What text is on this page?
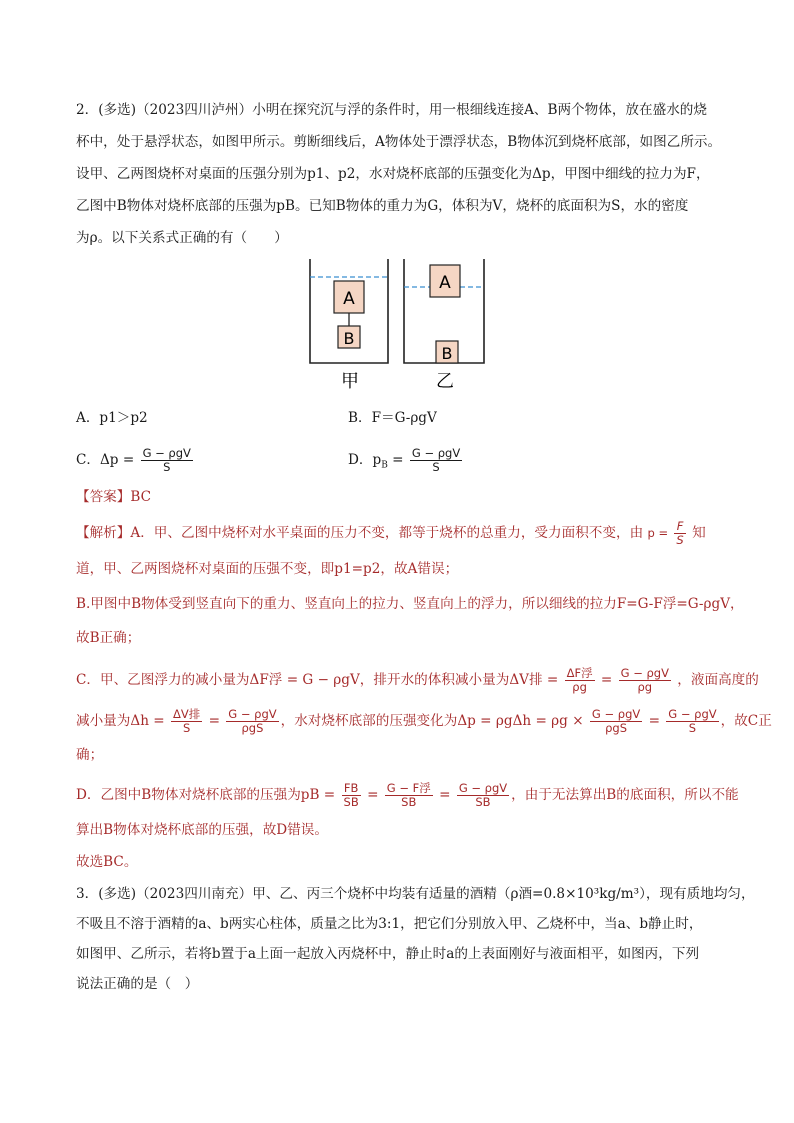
2．(多选)（2023四川泸州）小明在探究沉与浮的条件时，用一根细线连接A、B两个物体，放在盛水的烧
杯中，处于悬浮状态，如图甲所示。剪断细线后，A物体处于漂浮状态，B物体沉到烧杯底部，如图乙所示。
设甲、乙两图烧杯对桌面的压强分别为p1、p2，水对烧杯底部的压强变化为Δp，甲图中细线的拉力为F，
乙图中B物体对烧杯底部的压强为pB。已知B物体的重力为G，体积为V，烧杯的底面积为S，水的密度
为ρ。以下关系式正确的有（　　）
A
B
甲
A
B
乙
A．p1＞p2	B．F＝G-ρgV
C．$\Delta p = \frac{\text{G − ρgV}}{S}$	D．$p_B = \frac{\text{G − ρgV}}{S}$
【答案】BC
【解析】A．甲、乙图中烧杯对水平桌面的压力不变，都等于烧杯的总重力，受力面积不变，由 $p = \frac{F}{S}$ 知
道，甲、乙两图烧杯对桌面的压强不变，即p1=p2，故A错误；
B.甲图中B物体受到竖直向下的重力、竖直向上的拉力、竖直向上的浮力，所以细线的拉力F=G-F浮=G-ρgV，
故B正确；
C．甲、乙图浮力的减小量为ΔF浮 = G − ρgV，排开水的体积减小量为ΔV排 = $\frac{\text{ΔF浮}}{\rho g} = \frac{\text{G − ρgV}}{\rho g}$ ，液面高度的
减小量为$\Delta h = \frac{\text{ΔV排}}{S} = \frac{\text{G − ρgV}}{\text{ρgS}}$ ，水对烧杯底部的压强变化为$\Delta p = \rho g\Delta h = \rho g \times \frac{\text{G − ρgV}}{\text{ρgS}} = \frac{\text{G − ρgV}}{S}$ ，故C正
确；
D．乙图中B物体对烧杯底部的压强为pB = $\frac{FB}{SB} = \frac{\text{G − F浮}}{SB} = \frac{\text{G − ρgV}}{SB}$ ，由于无法算出B的底面积，所以不能
算出B物体对烧杯底部的压强，故D错误。
故选BC。
3．(多选)（2023四川南充）甲、乙、丙三个烧杯中均装有适量的酒精（ρ酒=0.8×10³kg/m³），现有质地均匀，
不吸且不溶于酒精的a、b两实心柱体，质量之比为3:1，把它们分别放入甲、乙烧杯中，当a、b静止时，
如图甲、乙所示，若将b置于a上面一起放入丙烧杯中，静止时a的上表面刚好与液面相平，如图丙，下列
说法正确的是（　）
